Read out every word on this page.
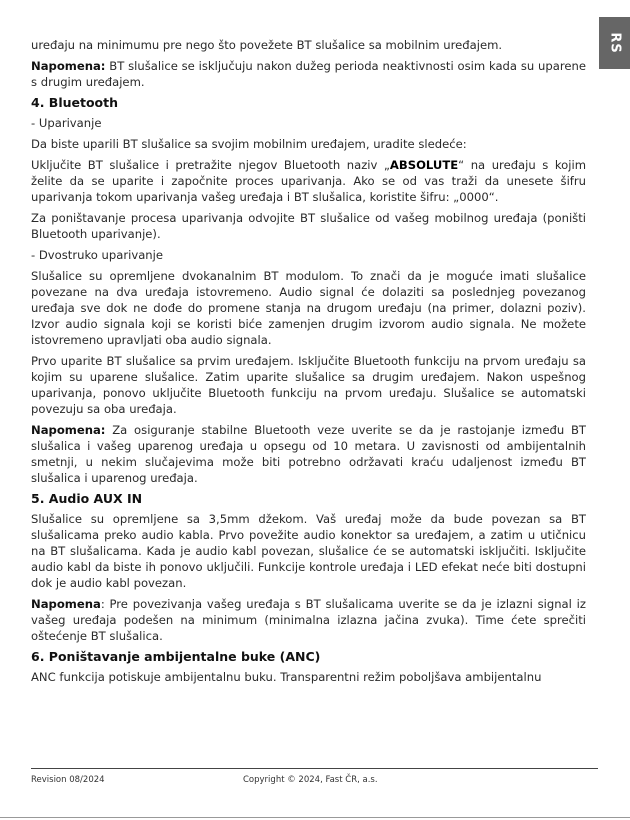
RS

uređaju na minimumu pre nego što povežete BT slušalice sa mobilnim uređajem.

Napomena: BT slušalice se isključuju nakon dužeg perioda neaktivnosti osim kada su uparene s drugim uređajem.

4. Bluetooth

- Uparivanje

Da biste uparili BT slušalice sa svojim mobilnim uređajem, uradite sledeće:

Uključite BT slušalice i pretražite njegov Bluetooth naziv „ABSOLUTE“ na uređaju s kojim želite da se uparite i započnite proces uparivanja. Ako se od vas traži da unesete šifru uparivanja tokom uparivanja vašeg uređaja i BT slušalica, koristite šifru: „0000“.

Za poništavanje procesa uparivanja odvojite BT slušalice od vašeg mobilnog uređaja (poništi Bluetooth uparivanje).

- Dvostruko uparivanje

Slušalice su opremljene dvokanalnim BT modulom. To znači da je moguće imati slušalice povezane na dva uređaja istovremeno. Audio signal će dolaziti sa poslednjeg povezanog uređaja sve dok ne dođe do promene stanja na drugom uređaju (na primer, dolazni poziv). Izvor audio signala koji se koristi biće zamenjen drugim izvorom audio signala. Ne možete istovremeno upravljati oba audio signala.

Prvo uparite BT slušalice sa prvim uređajem. Isključite Bluetooth funkciju na prvom uređaju sa kojim su uparene slušalice. Zatim uparite slušalice sa drugim uređajem. Nakon uspešnog uparivanja, ponovo uključite Bluetooth funkciju na prvom uređaju. Slušalice se automatski povezuju sa oba uređaja.

Napomena: Za osiguranje stabilne Bluetooth veze uverite se da je rastojanje između BT slušalica i vašeg uparenog uređaja u opsegu od 10 metara. U zavisnosti od ambijentalnih smetnji, u nekim slučajevima može biti potrebno održavati kraću udaljenost između BT slušalica i uparenog uređaja.

5. Audio AUX IN

Slušalice su opremljene sa 3,5mm džekom. Vaš uređaj može da bude povezan sa BT slušalicama preko audio kabla. Prvo povežite audio konektor sa uređajem, a zatim u utičnicu na BT slušalicama. Kada je audio kabl povezan, slušalice će se automatski isključiti. Isključite audio kabl da biste ih ponovo uključili. Funkcije kontrole uređaja i LED efekat neće biti dostupni dok je audio kabl povezan.

Napomena: Pre povezivanja vašeg uređaja s BT slušalicama uverite se da je izlazni signal iz vašeg uređaja podešen na minimum (minimalna izlazna jačina zvuka). Time ćete sprečiti oštećenje BT slušalica.

6. Poništavanje ambijentalne buke (ANC)

ANC funkcija potiskuje ambijentalnu buku. Transparentni režim poboljšava ambijentalnu

Revision 08/2024	Copyright © 2024, Fast ČR, a.s.
